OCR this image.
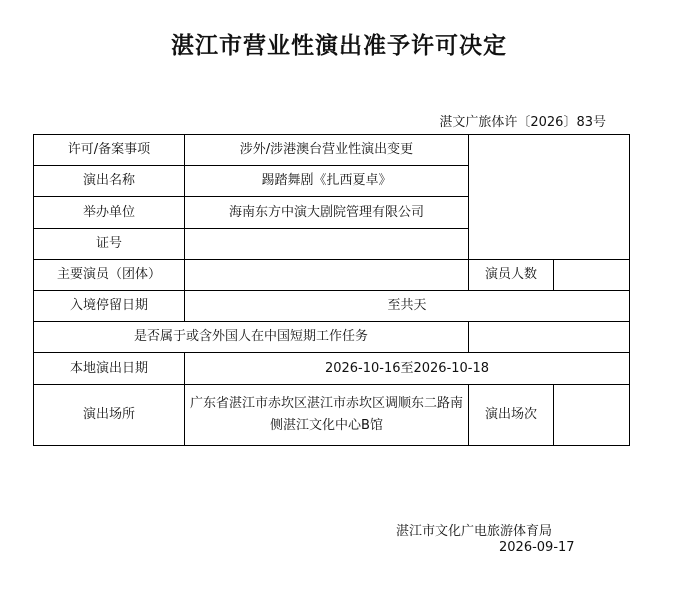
湛江市营业性演出准予许可决定
湛文广旅体许〔2026〕83号
许可/备案事项	涉外/涉港澳台营业性演出变更		
演出名称	踢踏舞剧《扎西夏卓》		
举办单位	海南东方中演大剧院管理有限公司		
证号			
主要演员（团体）		演员人数	
入境停留日期	至共天		
是否属于或含外国人在中国短期工作任务			
本地演出日期	2026-10-16至2026-10-18		
演出场所	广东省湛江市赤坎区湛江市赤坎区调顺东二路南侧湛江文化中心B馆	演出场次	
湛江市文化广电旅游体育局
2026-09-17
